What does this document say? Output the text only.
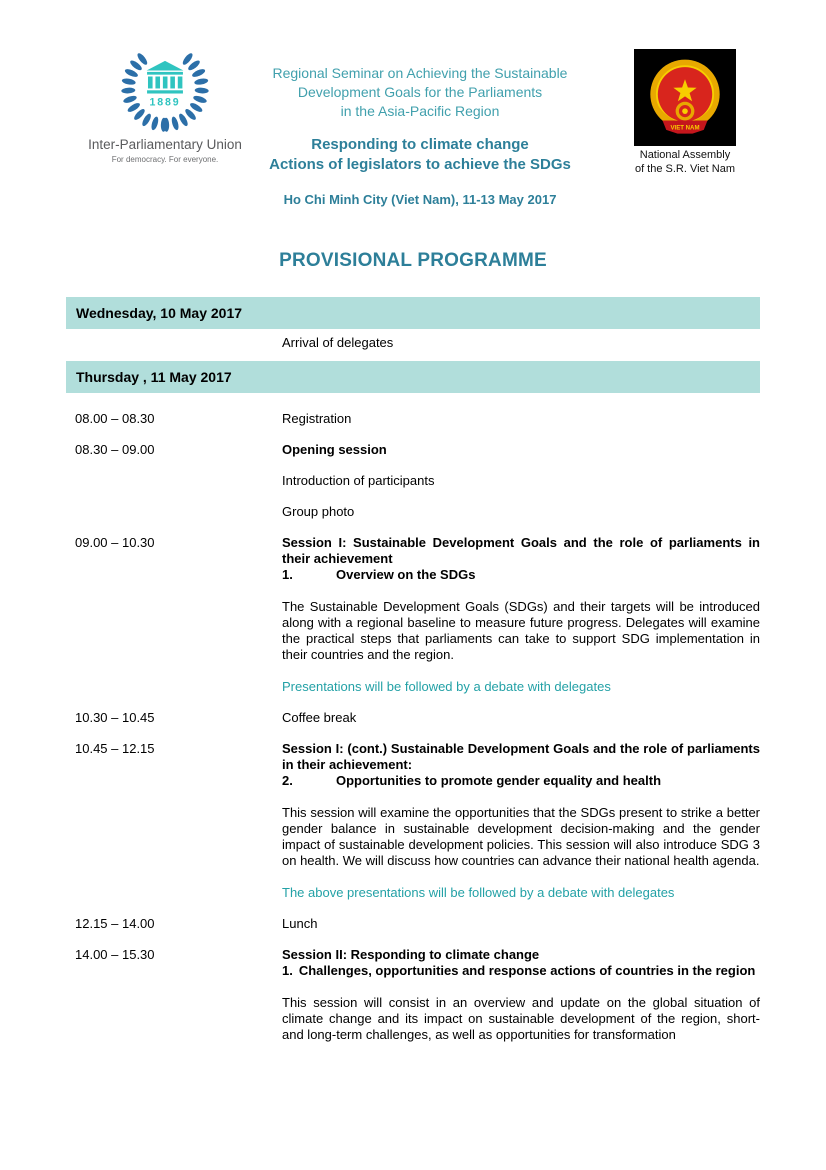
1889
Inter-Parliamentary Union
For democracy. For everyone.
Regional Seminar on Achieving the Sustainable
Development Goals for the Parliaments
in the Asia-Pacific Region
Responding to climate change
Actions of legislators to achieve the SDGs
Ho Chi Minh City (Viet Nam), 11-13 May 2017
VIET NAM
National Assembly
of the S.R. Viet Nam
PROVISIONAL PROGRAMME
Wednesday, 10 May 2017
Arrival of delegates
Thursday , 11 May 2017
08.00 – 08.30	Registration
08.30 – 09.00	Opening session
Introduction of participants
Group photo
09.00 – 10.30	Session I: Sustainable Development Goals and the role of parliaments in their achievement
1.	Overview on the SDGs
The Sustainable Development Goals (SDGs) and their targets will be introduced along with a regional baseline to measure future progress. Delegates will examine the practical steps that parliaments can take to support SDG implementation in their countries and the region.
Presentations will be followed by a debate with delegates
10.30 – 10.45	Coffee break
10.45 – 12.15	Session I: (cont.) Sustainable Development Goals and the role of parliaments in their achievement:
2.	Opportunities to promote gender equality and health
This session will examine the opportunities that the SDGs present to strike a better gender balance in sustainable development decision-making and the gender impact of sustainable development policies. This session will also introduce SDG 3 on health. We will discuss how countries can advance their national health agenda.
The above presentations will be followed by a debate with delegates
12.15 – 14.00	Lunch
14.00 – 15.30	Session II: Responding to climate change
1. Challenges, opportunities and response actions of countries in the region
This session will consist in an overview and update on the global situation of climate change and its impact on sustainable development of the region, short- and long-term challenges, as well as opportunities for transformation
